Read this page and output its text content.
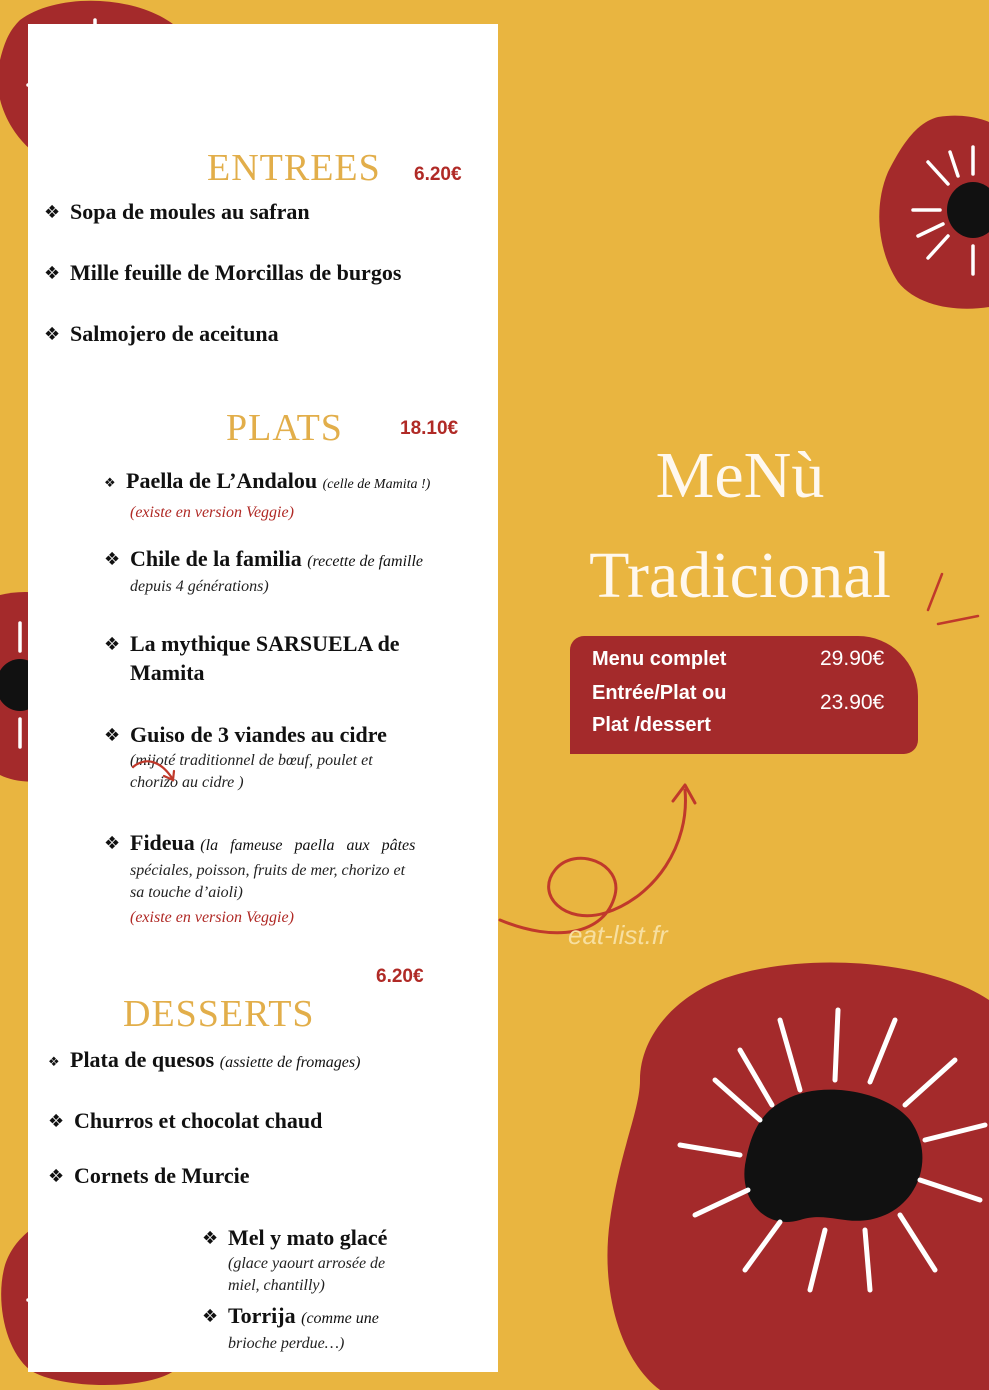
ENTREES 6.20€
❖ Sopa de moules au safran
❖ Mille feuille de Morcillas de burgos
❖ Salmojero de aceituna
PLATS	18.10€
❖ Paella de L’Andalou (celle de Mamita !)
(existe en version Veggie)
❖ Chile de la familia (recette de famille
depuis 4 générations)
❖ La mythique SARSUELA de
Mamita
❖ Guiso de 3 viandes au cidre
(mijoté traditionnel de bœuf, poulet et
chorizo au cidre )
❖ Fideua (la fameuse paella aux pâtes
spéciales, poisson, fruits de mer, chorizo et
sa touche d’aioli)
(existe en version Veggie)
6.20€
DESSERTS
❖ Plata de quesos (assiette de fromages)
❖ Churros et chocolat chaud
❖ Cornets de Murcie
❖ Mel y mato glacé
(glace yaourt arrosée de
miel, chantilly)
❖ Torrija (comme une
brioche perdue…)
MeNù
Tradicional
Menu complet	29.90€
Entrée/Plat ou
Plat /dessert
23.90€
eat-list.fr
